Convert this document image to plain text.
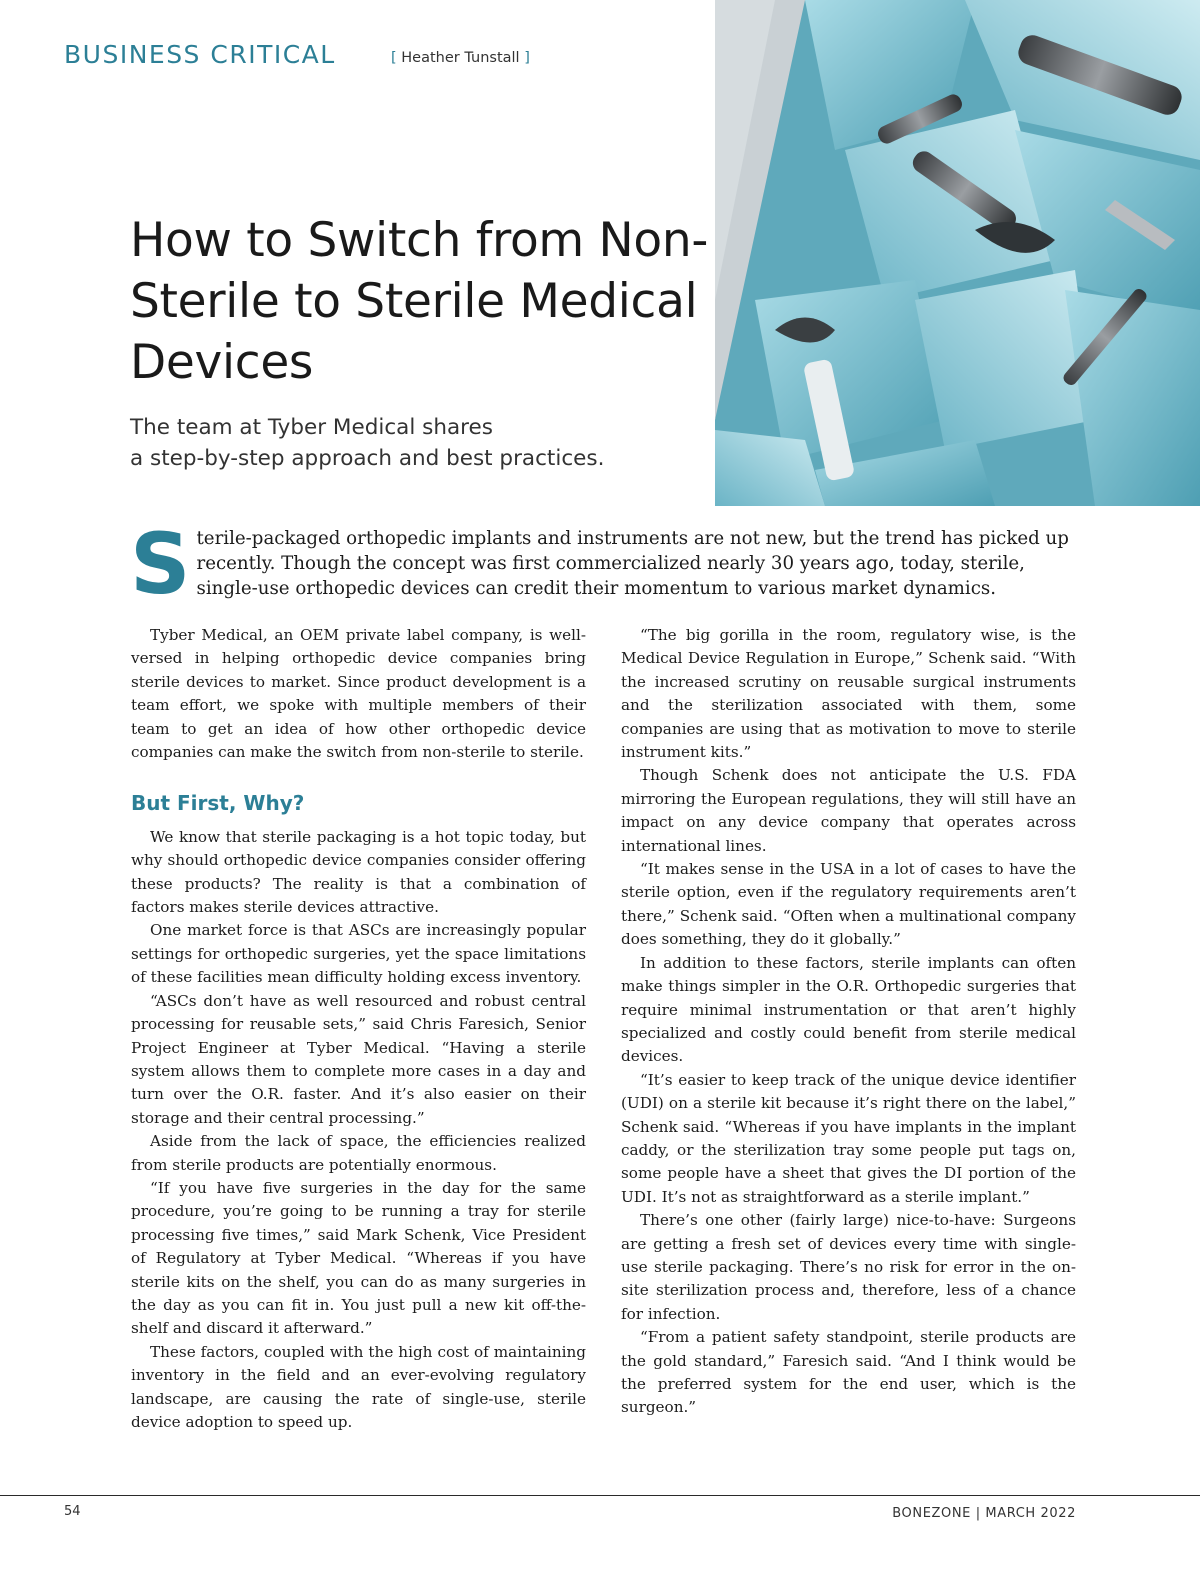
BUSINESS CRITICAL	[ Heather Tunstall ]
How to Switch from Non-Sterile to Sterile Medical Devices

The team at Tyber Medical shares
a step-by-step approach and best practices.

S terile-packaged orthopedic implants and instruments are not new, but the trend has picked up recently. Though the concept was first commercialized nearly 30 years ago, today, sterile, single-use orthopedic devices can credit their momentum to various market dynamics.

Tyber Medical, an OEM private label company, is well-versed in helping orthopedic device companies bring sterile devices to market. Since product development is a team effort, we spoke with multiple members of their team to get an idea of how other orthopedic device companies can make the switch from non-sterile to sterile.

But First, Why?

We know that sterile packaging is a hot topic today, but why should orthopedic device companies consider offering these products? The reality is that a combination of factors makes sterile devices attractive.

One market force is that ASCs are increasingly popular settings for orthopedic surgeries, yet the space limitations of these facilities mean difficulty holding excess inventory.

“ASCs don’t have as well resourced and robust central processing for reusable sets,” said Chris Faresich, Senior Project Engineer at Tyber Medical. “Having a sterile system allows them to complete more cases in a day and turn over the O.R. faster. And it’s also easier on their storage and their central processing.”

Aside from the lack of space, the efficiencies realized from sterile products are potentially enormous.

“If you have five surgeries in the day for the same procedure, you’re going to be running a tray for sterile processing five times,” said Mark Schenk, Vice President of Regulatory at Tyber Medical. “Whereas if you have sterile kits on the shelf, you can do as many surgeries in the day as you can fit in. You just pull a new kit off-the-shelf and discard it afterward.”

These factors, coupled with the high cost of maintaining inventory in the field and an ever-evolving regulatory landscape, are causing the rate of single-use, sterile device adoption to speed up.

“The big gorilla in the room, regulatory wise, is the Medical Device Regulation in Europe,” Schenk said. “With the increased scrutiny on reusable surgical instruments and the sterilization associated with them, some companies are using that as motivation to move to sterile instrument kits.”

Though Schenk does not anticipate the U.S. FDA mirroring the European regulations, they will still have an impact on any device company that operates across international lines.

“It makes sense in the USA in a lot of cases to have the sterile option, even if the regulatory requirements aren’t there,” Schenk said. “Often when a multinational company does something, they do it globally.”

In addition to these factors, sterile implants can often make things simpler in the O.R. Orthopedic surgeries that require minimal instrumentation or that aren’t highly specialized and costly could benefit from sterile medical devices.

“It’s easier to keep track of the unique device identifier (UDI) on a sterile kit because it’s right there on the label,” Schenk said. “Whereas if you have implants in the implant caddy, or the sterilization tray some people put tags on, some people have a sheet that gives the DI portion of the UDI. It’s not as straightforward as a sterile implant.”

There’s one other (fairly large) nice-to-have: Surgeons are getting a fresh set of devices every time with single-use sterile packaging. There’s no risk for error in the on-site sterilization process and, therefore, less of a chance for infection.

“From a patient safety standpoint, sterile products are the gold standard,” Faresich said. “And I think would be the preferred system for the end user, which is the surgeon.”

54	BONEZONE | MARCH 2022
